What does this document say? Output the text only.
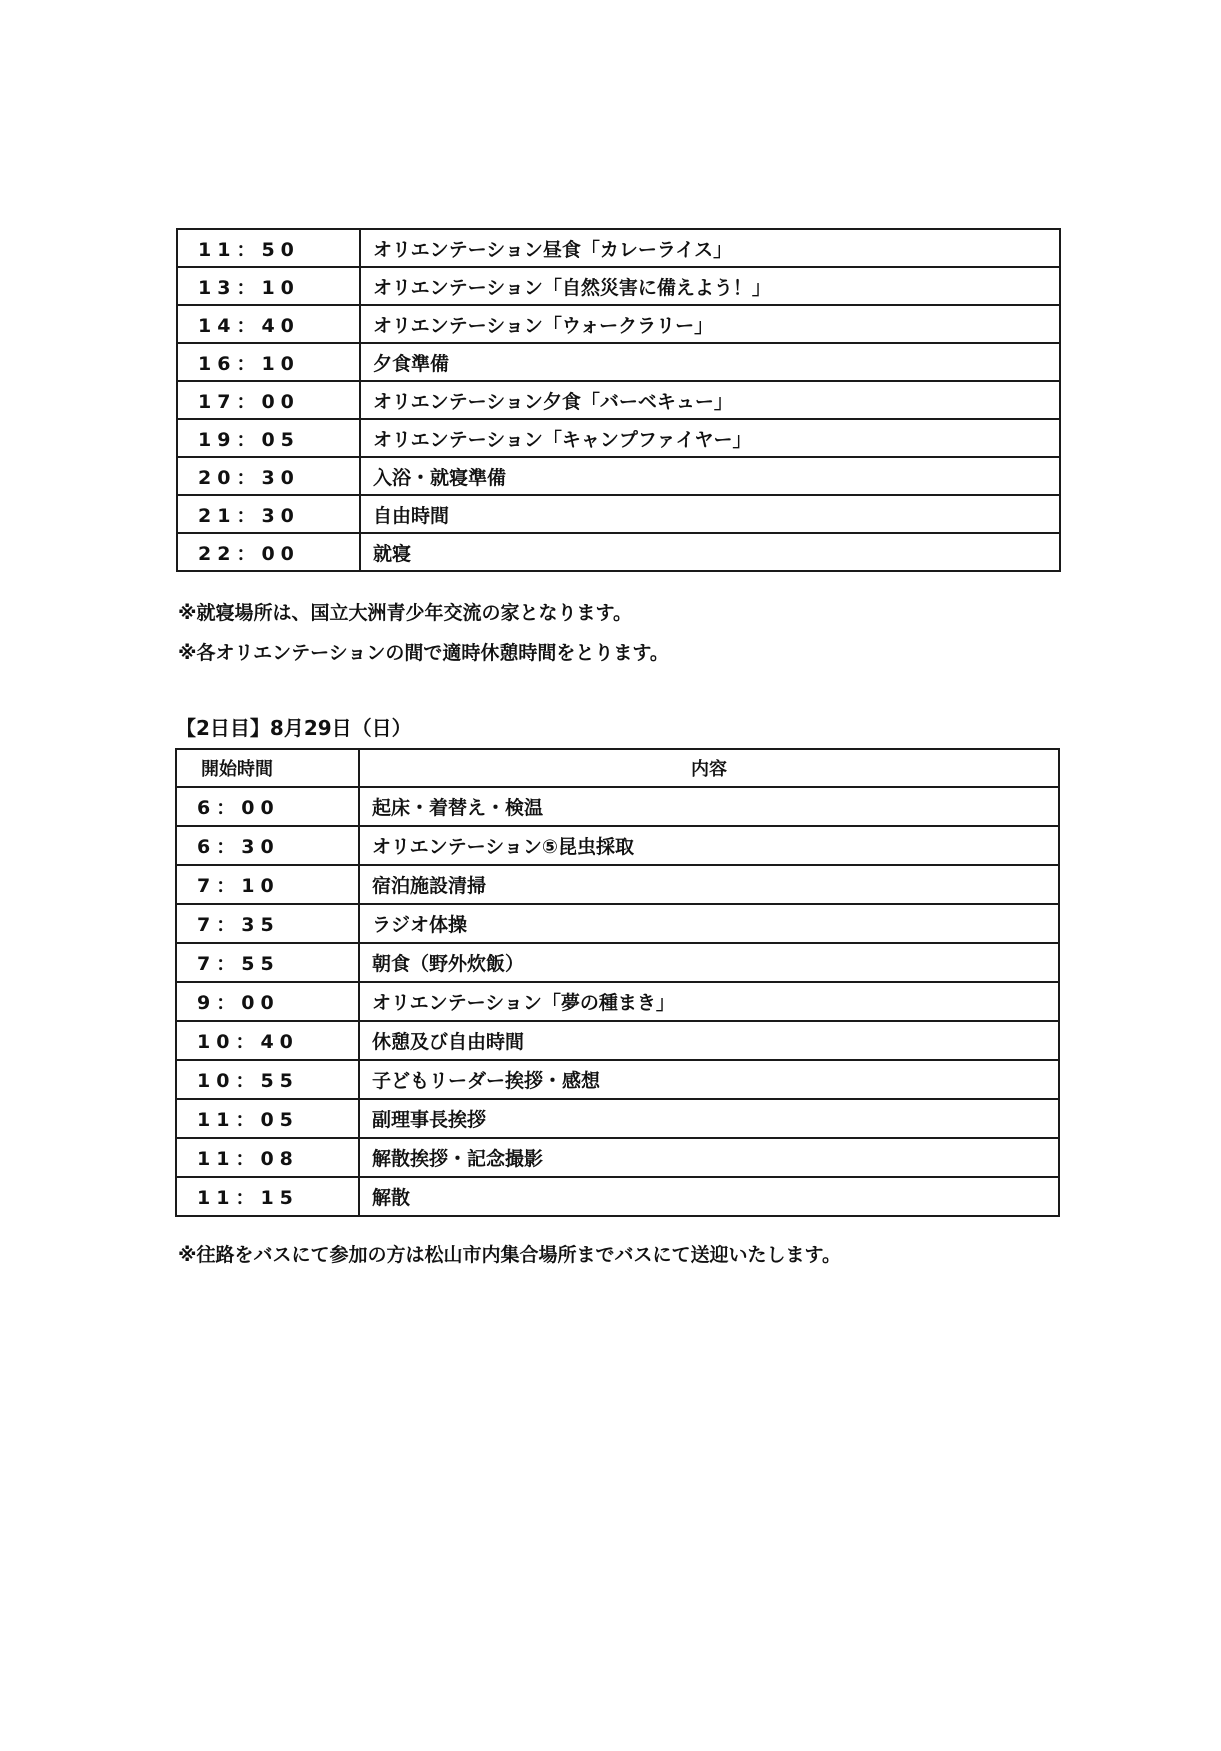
11：50	オリエンテーション昼食「カレーライス」
13：10	オリエンテーション「自然災害に備えよう！」
14：40	オリエンテーション「ウォークラリー」
16：10	夕食準備
17：00	オリエンテーション夕食「バーベキュー」
19：05	オリエンテーション「キャンプファイヤー」
20：30	入浴・就寝準備
21：30	自由時間
22：00	就寝
※就寝場所は、国立大洲青少年交流の家となります。
※各オリエンテーションの間で適時休憩時間をとります。
【2日目】8月29日（日）
開始時間	内容
6：00	起床・着替え・検温
6：30	オリエンテーション⑤昆虫採取
7：10	宿泊施設清掃
7：35	ラジオ体操
7：55	朝食（野外炊飯）
9：00	オリエンテーション「夢の種まき」
10：40	休憩及び自由時間
10：55	子どもリーダー挨拶・感想
11：05	副理事長挨拶
11：08	解散挨拶・記念撮影
11：15	解散
※往路をバスにて参加の方は松山市内集合場所までバスにて送迎いたします。
